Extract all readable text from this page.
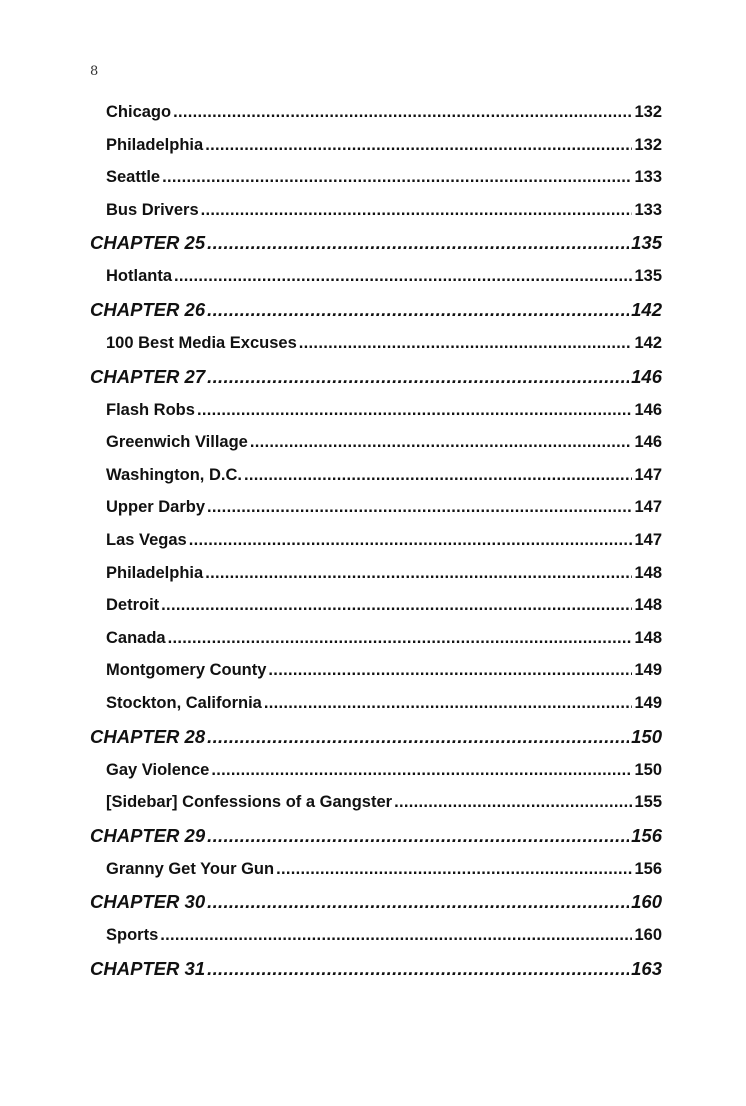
8
Chicago .....	132
Philadelphia .....	132
Seattle .....	133
Bus Drivers .....	133
CHAPTER 25 .....	135
Hotlanta .....	135
CHAPTER 26 .....	142
100 Best Media Excuses .....	142
CHAPTER 27 .....	146
Flash Robs .....	146
Greenwich Village .....	146
Washington, D.C. .....	147
Upper Darby .....	147
Las Vegas .....	147
Philadelphia .....	148
Detroit .....	148
Canada .....	148
Montgomery County .....	149
Stockton, California .....	149
CHAPTER 28 .....	150
Gay Violence .....	150
[Sidebar] Confessions of a Gangster .....	155
CHAPTER 29 .....	156
Granny Get Your Gun .....	156
CHAPTER 30 .....	160
Sports .....	160
CHAPTER 31 .....	163
